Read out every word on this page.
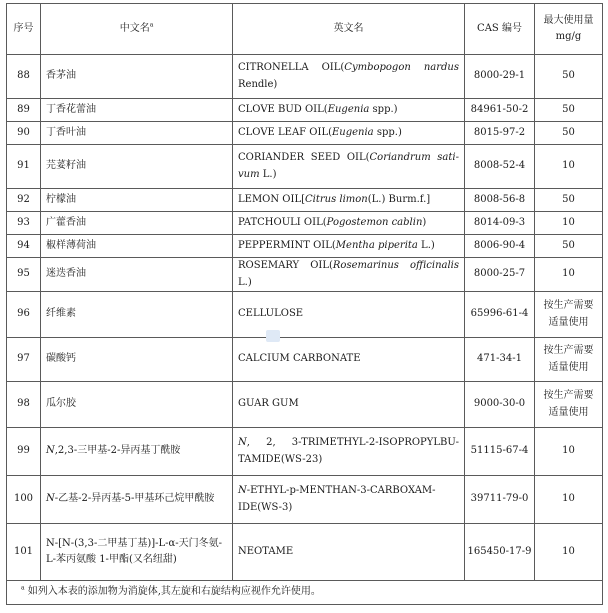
序号	中文名$^a$	英文名	CAS 编号	最大使用量
mg/g
88	香茅油	CITRONELLA OIL(Cymbopogon nardus Rendle)	8000-29-1	50
89	丁香花蕾油	CLOVE BUD OIL(Eugenia spp.)	84961-50-2	50
90	丁香叶油	CLOVE LEAF OIL(Eugenia spp.)	8015-97-2	50
91	芫荽籽油	CORIANDER SEED OIL(Coriandrum sati-vum L.)	8008-52-4	10
92	柠檬油	LEMON OIL[Citrus limon(L.) Burm.f.]	8008-56-8	50
93	广藿香油	PATCHOULI OIL(Pogostemon cablin)	8014-09-3	10
94	椒样薄荷油	PEPPERMINT OIL(Mentha piperita L.)	8006-90-4	50
95	迷迭香油	ROSEMARY OIL(Rosemarinus officinalis L.)	8000-25-7	10
96	纤维素	CELLULOSE	65996-61-4	按生产需要适量使用
97	碳酸钙	CALCIUM CARBONATE	471-34-1	按生产需要适量使用
98	瓜尔胶	GUAR GUM	9000-30-0	按生产需要适量使用
99	N,2,3-三甲基-2-异丙基丁酰胺	N, 2, 3-TRIMETHYL-2-ISOPROPYLBU-TAMIDE(WS-23)	51115-67-4	10
100	N-乙基-2-异丙基-5-甲基环己烷甲酰胺	N-ETHYL-p-MENTHAN-3-CARBOXAM-IDE(WS-3)	39711-79-0	10
101	N-[N-(3,3-二甲基丁基)]-L-α-天门冬氨-L-苯丙氨酸 1-甲酯(又名纽甜)	NEOTAME	165450-17-9	10
$^a$ 如列入本表的添加物为消旋体,其左旋和右旋结构应视作允许使用。				
